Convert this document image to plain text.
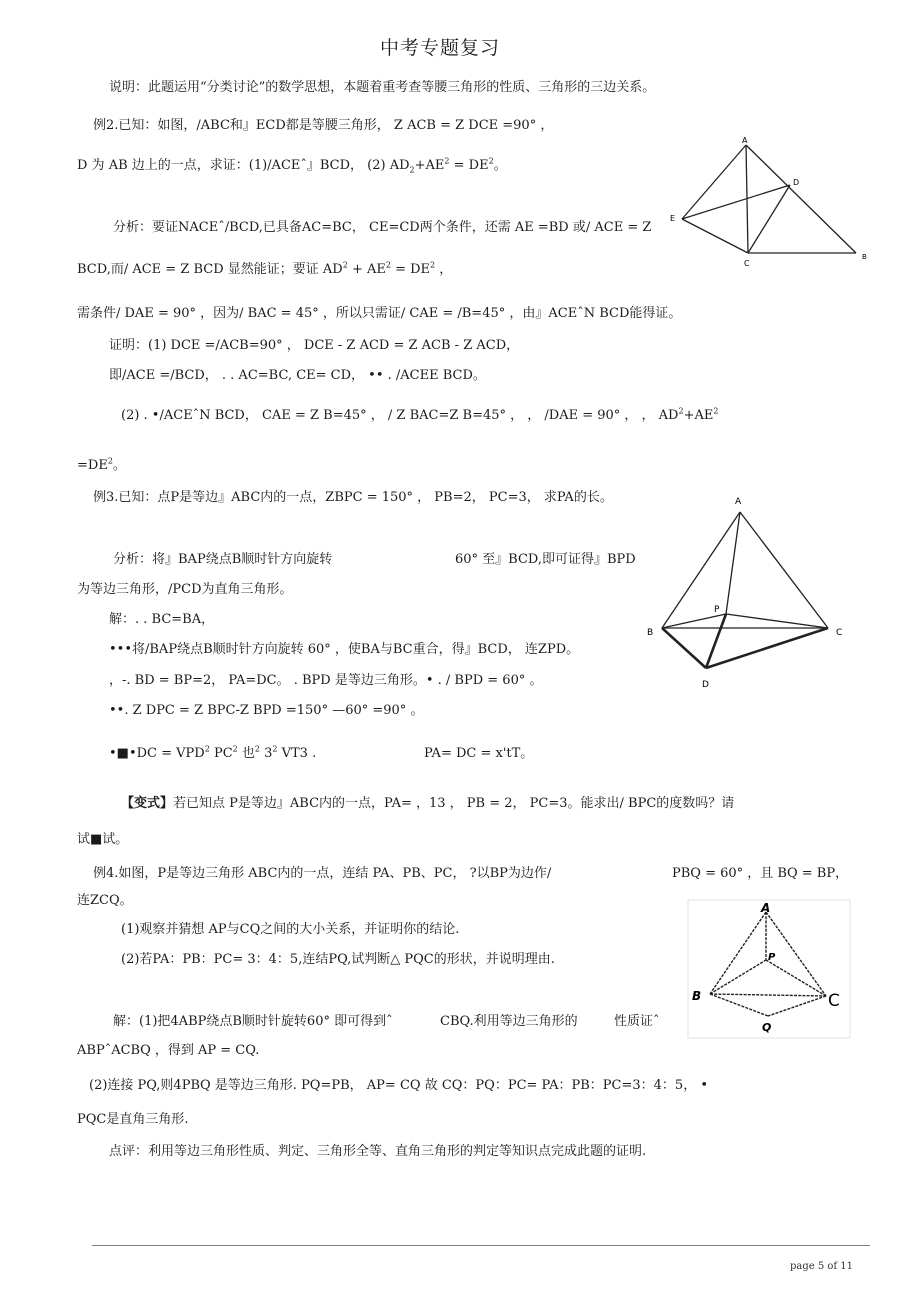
中考专题复习
说明：此题运用“分类讨论”的数学思想，本题着重考查等腰三角形的性质、三角形的三边关系。
例2.已知：如图，/ABC和』ECD都是等腰三角形， Z ACB = Z DCE =90° ，
D 为 AB 边上的一点，求证：(1)/ACEˆ』BCD， (2) $AD_2+AE^2 = DE^2$。
分析：要证NACEˆ/BCD,已具备AC=BC， CE=CD两个条件，还需 AE =BD 或/ ACE = Z
BCD,而/ ACE = Z BCD 显然能证；要证 $AD^2 + AE^2 = DE^2$ ，
需条件/ DAE = 90° ，因为/ BAC = 45° ，所以只需证/ CAE = /B=45° ，由』ACEˆN BCD能得证。
证明：(1) DCE =/ACB=90° ， DCE - Z ACD = Z ACB - Z ACD，
即/ACE =/BCD， . . AC=BC, CE= CD， •• . /ACEE BCD。
(2) . •/ACEˆN BCD， CAE = Z B=45° ， / Z BAC=Z B=45° ， ， /DAE = 90° ， ， $AD^2+AE^2$
$=DE^2$。
A
D
E
C
B
例3.已知：点P是等边』ABC内的一点，ZBPC = 150° ， PB=2， PC=3， 求PA的长。
分析：将』BAP绕点B顺时针方向旋转	60° 至』BCD,即可证得』BPD
为等边三角形，/PCD为直角三角形。
解：. . BC=BA，
•••将/BAP绕点B顺时针方向旋转 60° ，使BA与BC重合，得』BCD， 连ZPD。
，-. BD = BP=2， PA=DC。 . BPD 是等边三角形。• . / BPD = 60° 。
••. Z DPC = Z BPC-Z BPD =150° —60° =90° 。
•■•DC = $VPD^2$ $PC^2$ 也$^2$ $3^2$ VT3 .	PA= DC = x'tT。
A
P
B	C
D
【变式】若已知点 P是等边』ABC内的一点，PA= ，13 ， PB = 2， PC=3。能求出/ BPC的度数吗？请
试■试。
例4.如图，P是等边三角形 ABC内的一点，连结 PA、PB、PC， ?以BP为边作/	PBQ = 60° ，且 BQ = BP，
连ZCQ。
(1)观察并猜想 AP与CQ之间的大小关系，并证明你的结论.
(2)若PA：PB：PC= 3：4：5,连结PQ,试判断△ PQC的形状，并说明理由.
解：(1)把4ABP绕点B顺时针旋转60° 即可得到ˆ	CBQ.利用等边三角形的	性质证ˆ
ABPˆACBQ ，得到 AP = CQ.
(2)连接 PQ,则4PBQ 是等边三角形. PQ=PB， AP= CQ 故 CQ：PQ：PC= PA：PB：PC=3：4：5， •
PQC是直角三角形.
点评：利用等边三角形性质、判定、三角形全等、直角三角形的判定等知识点完成此题的证明.
A
P
B	C
Q
page 5 of 11
